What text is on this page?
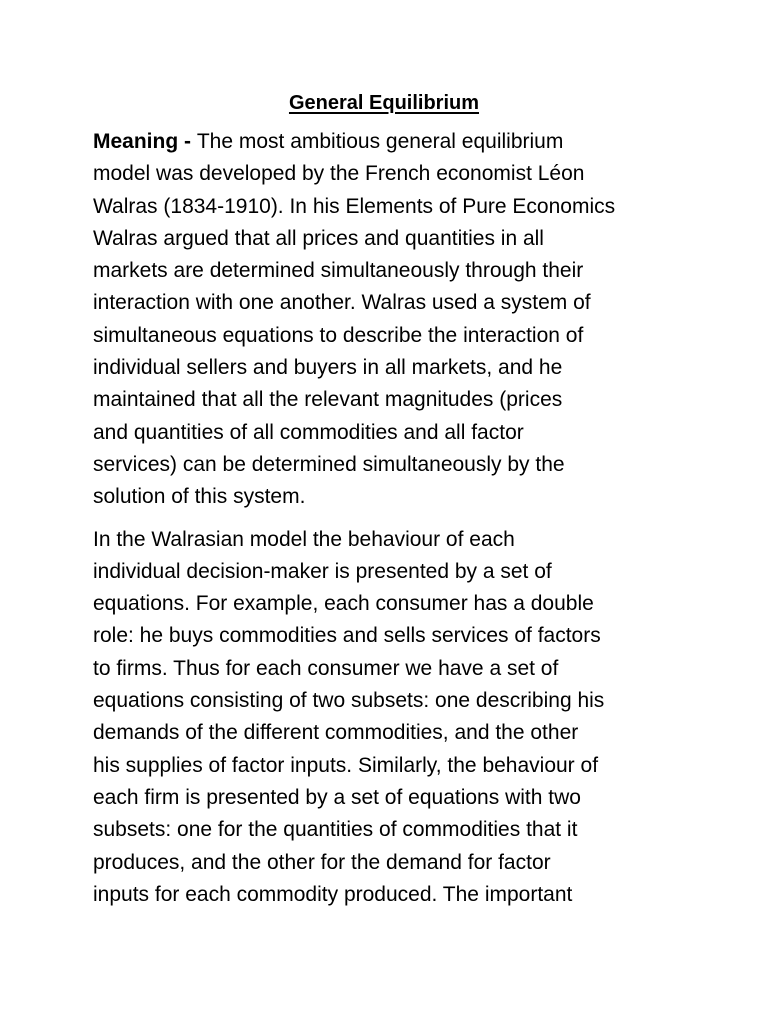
General Equilibrium
Meaning - The most ambitious general equilibrium
model was developed by the French economist Léon
Walras (1834-1910). In his Elements of Pure Economics
Walras argued that all prices and quantities in all
markets are determined simultaneously through their
interaction with one another. Walras used a system of
simultaneous equations to describe the interaction of
individual sellers and buyers in all markets, and he
maintained that all the relevant magnitudes (prices
and quantities of all commodities and all factor
services) can be determined simultaneously by the
solution of this system.
In the Walrasian model the behaviour of each
individual decision-maker is presented by a set of
equations. For example, each consumer has a double
role: he buys commodities and sells services of factors
to firms. Thus for each consumer we have a set of
equations consisting of two subsets: one describing his
demands of the different commodities, and the other
his supplies of factor inputs. Similarly, the behaviour of
each firm is presented by a set of equations with two
subsets: one for the quantities of commodities that it
produces, and the other for the demand for factor
inputs for each commodity produced. The important
